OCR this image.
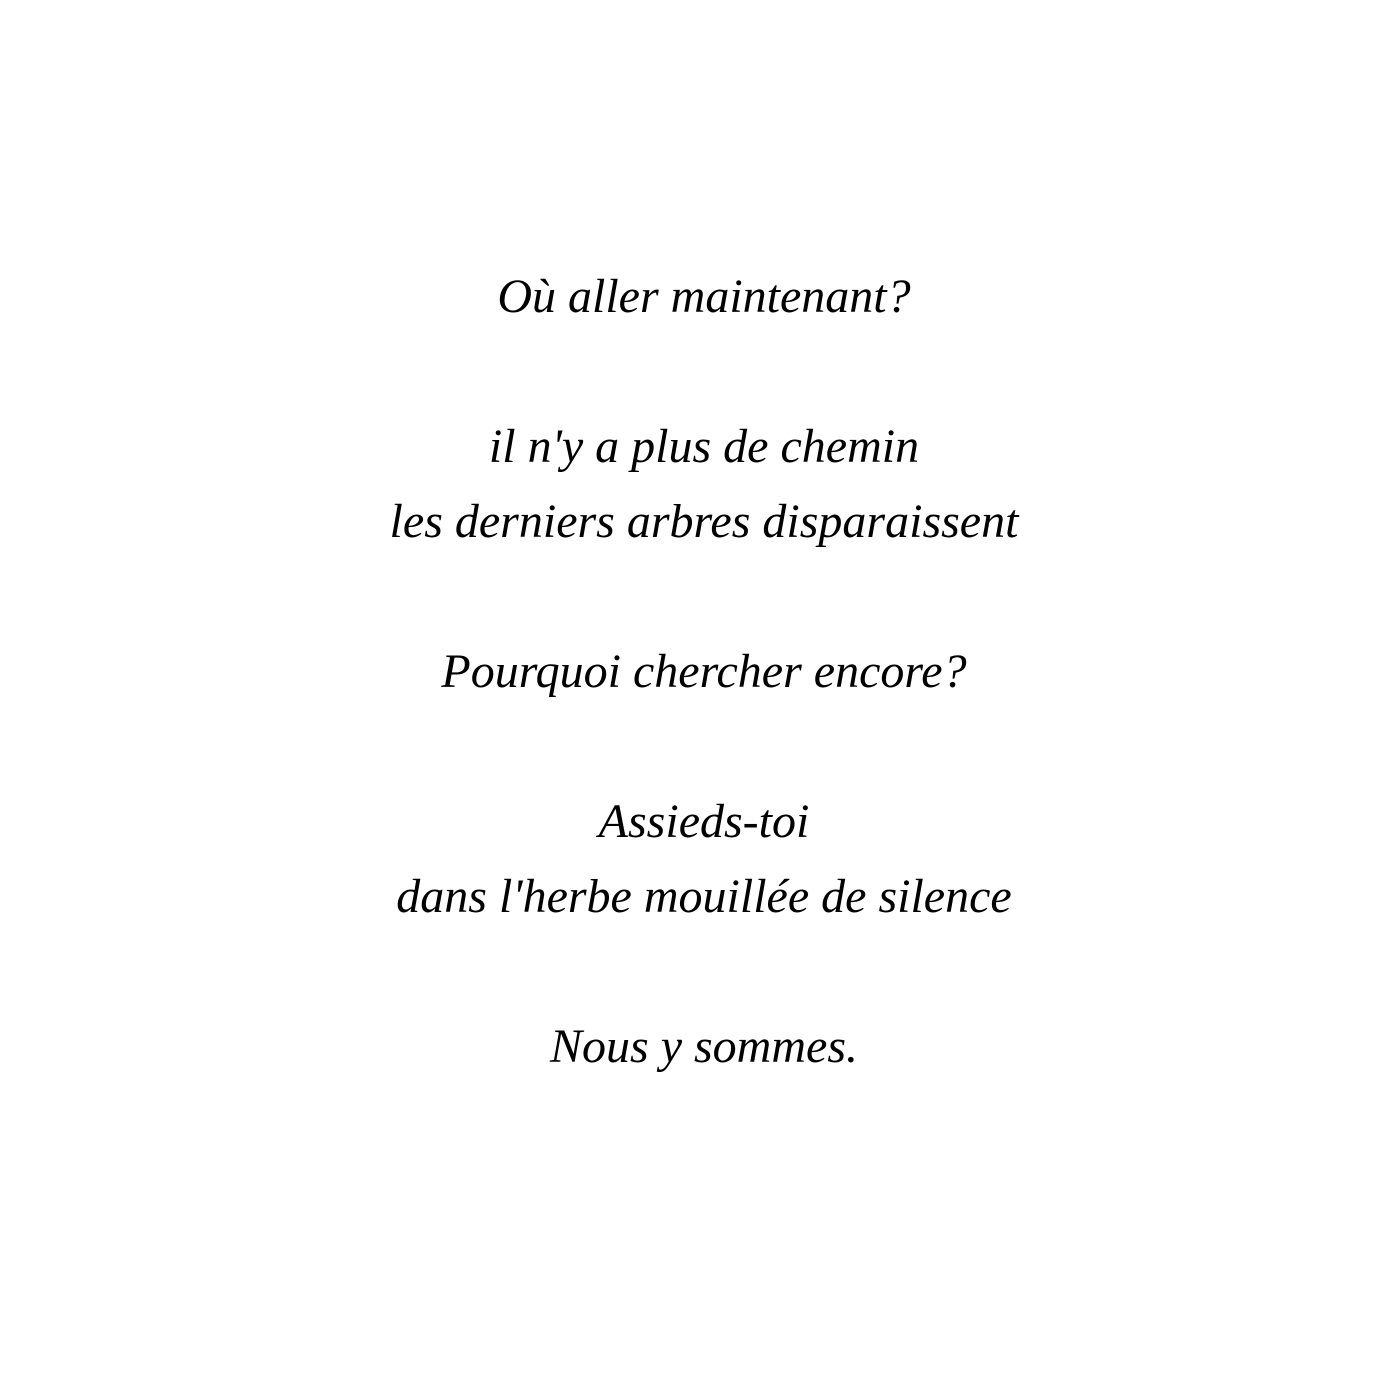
Où aller maintenant?

il n'y a plus de chemin

les derniers arbres disparaissent

Pourquoi chercher encore?

Assieds-toi

dans l'herbe mouillée de silence

Nous y sommes.
